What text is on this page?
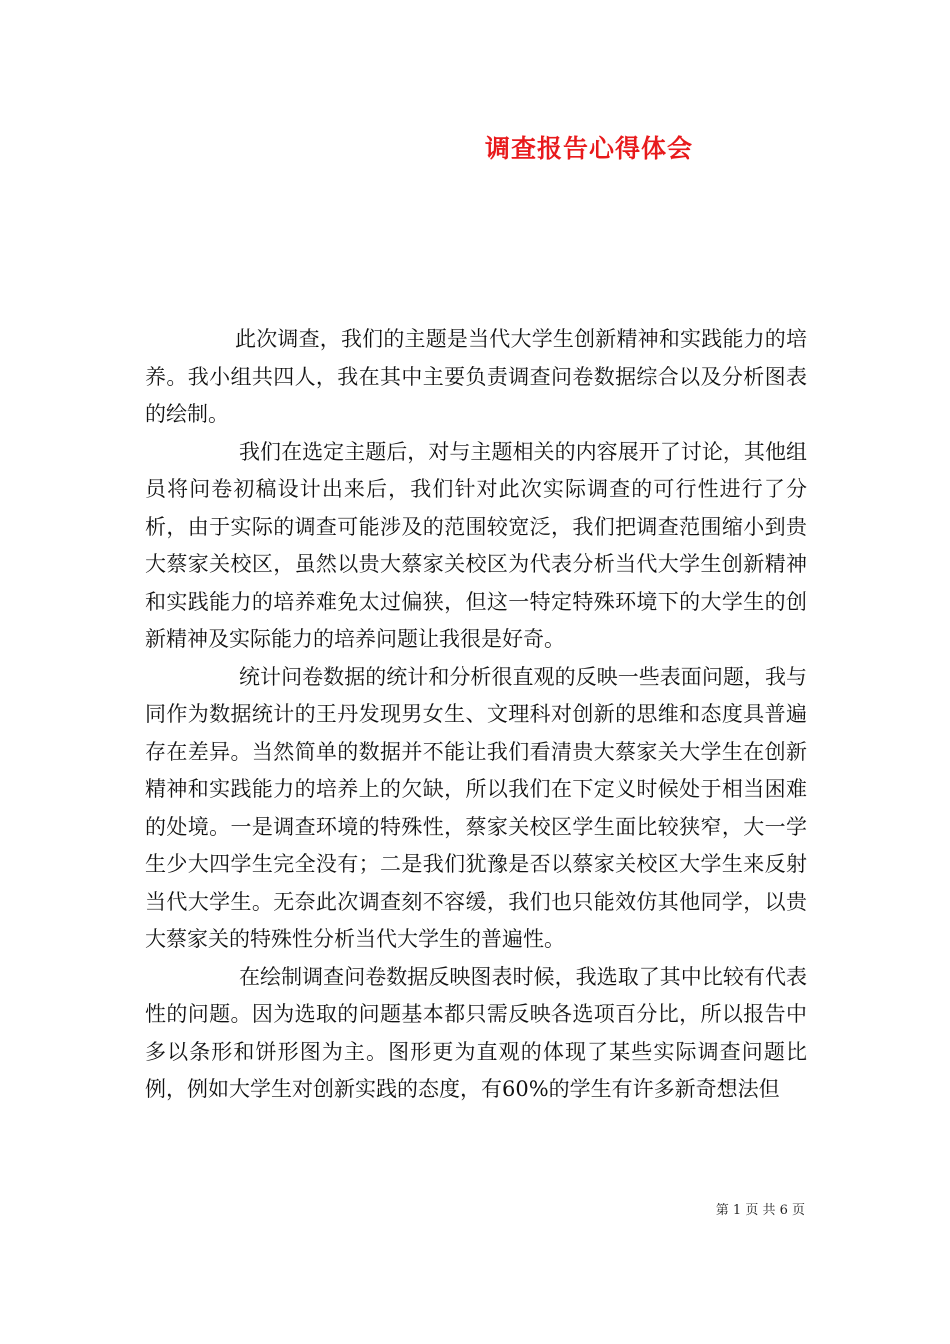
调查报告心得体会

此次调查，我们的主题是当代大学生创新精神和实践能力的培养。我小组共四人，我在其中主要负责调查问卷数据综合以及分析图表的绘制。

我们在选定主题后，对与主题相关的内容展开了讨论，其他组员将问卷初稿设计出来后，我们针对此次实际调查的可行性进行了分析，由于实际的调查可能涉及的范围较宽泛，我们把调查范围缩小到贵大蔡家关校区，虽然以贵大蔡家关校区为代表分析当代大学生创新精神和实践能力的培养难免太过偏狭，但这一特定特殊环境下的大学生的创新精神及实际能力的培养问题让我很是好奇。

统计问卷数据的统计和分析很直观的反映一些表面问题，我与同作为数据统计的王丹发现男女生、文理科对创新的思维和态度具普遍存在差异。当然简单的数据并不能让我们看清贵大蔡家关大学生在创新精神和实践能力的培养上的欠缺，所以我们在下定义时候处于相当困难的处境。一是调查环境的特殊性，蔡家关校区学生面比较狭窄，大一学生少大四学生完全没有；二是我们犹豫是否以蔡家关校区大学生来反射当代大学生。无奈此次调查刻不容缓，我们也只能效仿其他同学，以贵大蔡家关的特殊性分析当代大学生的普遍性。

在绘制调查问卷数据反映图表时候，我选取了其中比较有代表性的问题。因为选取的问题基本都只需反映各选项百分比，所以报告中多以条形和饼形图为主。图形更为直观的体现了某些实际调查问题比例，例如大学生对创新实践的态度，有60%的学生有许多新奇想法但

第 1 页 共 6 页
